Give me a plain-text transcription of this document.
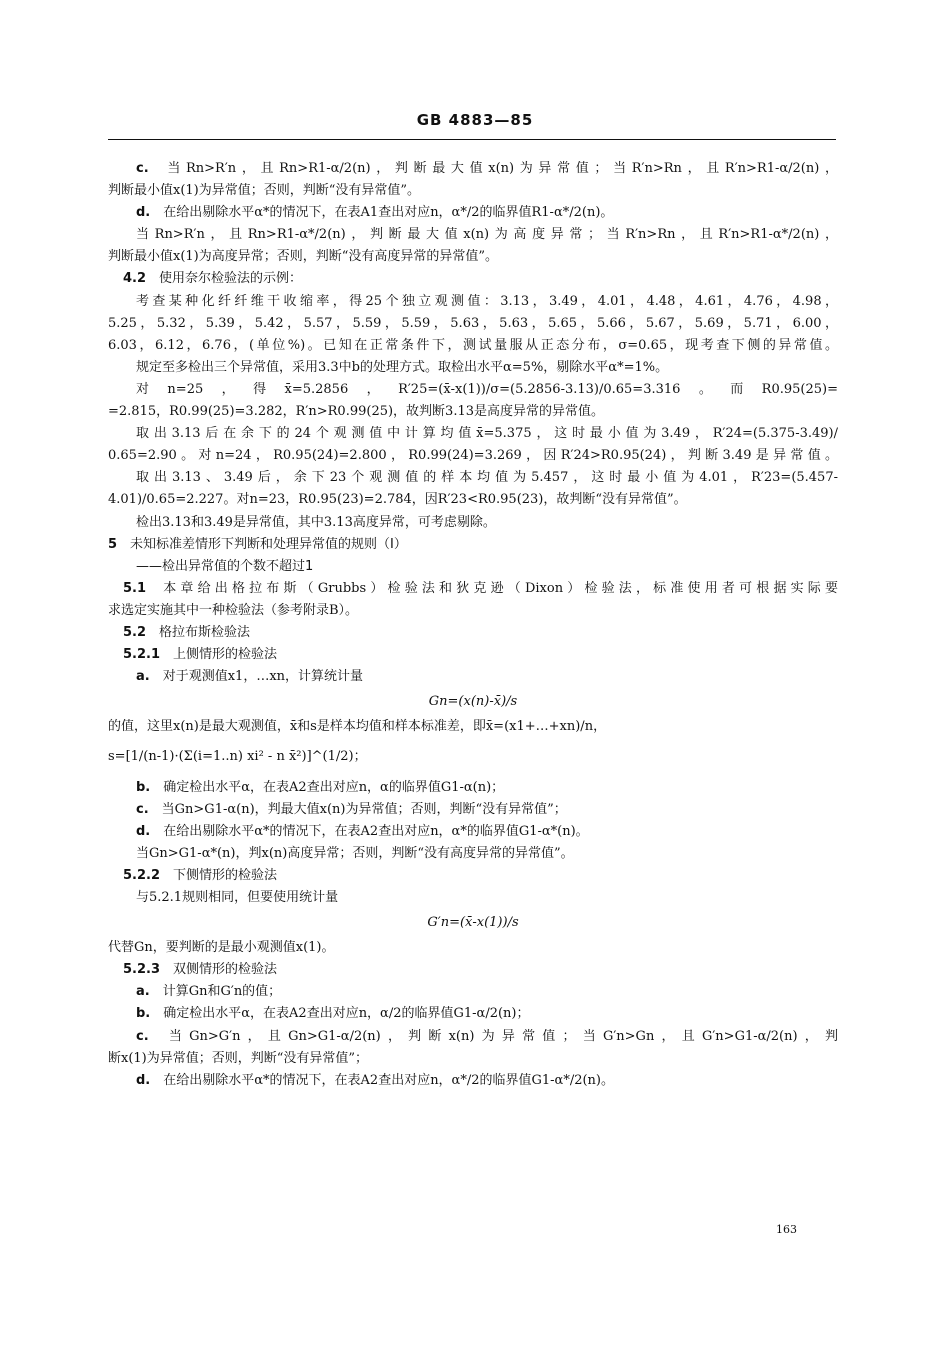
GB 4883—85

c. 当Rn>R′n，且Rn>R1-α/2(n)，判断最大值x(n)为异常值；当R′n>Rn，且R′n>R1-α/2(n)，

判断最小值x(1)为异常值；否则，判断“没有异常值”。

d. 在给出剔除水平α*的情况下，在表A1查出对应n，α*/2的临界值R1-α*/2(n)。

当Rn>R′n，且Rn>R1-α*/2(n)，判断最大值x(n)为高度异常；当R′n>Rn，且R′n>R1-α*/2(n)，

判断最小值x(1)为高度异常；否则，判断“没有高度异常的异常值”。

4.2 使用奈尔检验法的示例：

考查某种化纤纤维干收缩率，得25个独立观测值：3.13，3.49，4.01，4.48，4.61，4.76，4.98，

5.25，5.32，5.39，5.42，5.57，5.59，5.59，5.63，5.63，5.65，5.66，5.67，5.69，5.71，6.00，

6.03，6.12，6.76，(单位%)。已知在正常条件下，测试量服从正态分布，σ=0.65，现考查下侧的异常值。

规定至多检出三个异常值，采用3.3中b的处理方式。取检出水平α=5%，剔除水平α*=1%。

对n=25，得x̄=5.2856，R′25=(x̄-x(1))/σ=(5.2856-3.13)/0.65=3.316。而R0.95(25)=

=2.815，R0.99(25)=3.282，R′n>R0.99(25)，故判断3.13是高度异常的异常值。

取出3.13后在余下的24个观测值中计算均值x̄=5.375，这时最小值为3.49，R′24=(5.375-3.49)/

0.65=2.90。对n=24，R0.95(24)=2.800，R0.99(24)=3.269，因R′24>R0.95(24)，判断3.49是异常值。

取出3.13、3.49后，余下23个观测值的样本均值为5.457，这时最小值为4.01，R′23=(5.457-

4.01)/0.65=2.227。对n=23，R0.95(23)=2.784，因R′23<R0.95(23)，故判断“没有异常值”。

检出3.13和3.49是异常值，其中3.13高度异常，可考虑剔除。

5 未知标准差情形下判断和处理异常值的规则（Ⅰ）

——检出异常值的个数不超过1

5.1 本章给出格拉布斯（Grubbs）检验法和狄克逊（Dixon）检验法，标准使用者可根据实际要

求选定实施其中一种检验法（参考附录B）。

5.2 格拉布斯检验法

5.2.1 上侧情形的检验法

a. 对于观测值x1，…xn，计算统计量

Gn=(x(n)-x̄)/s

的值，这里x(n)是最大观测值，x̄和s是样本均值和样本标准差，即x̄=(x1+…+xn)/n，

s=[1/(n-1)·(Σ(i=1..n) xi² - n x̄²)]^(1/2)；

b. 确定检出水平α，在表A2查出对应n，α的临界值G1-α(n)；

c. 当Gn>G1-α(n)，判最大值x(n)为异常值；否则，判断“没有异常值”；

d. 在给出剔除水平α*的情况下，在表A2查出对应n，α*的临界值G1-α*(n)。

当Gn>G1-α*(n)，判x(n)高度异常；否则，判断“没有高度异常的异常值”。

5.2.2 下侧情形的检验法

与5.2.1规则相同，但要使用统计量

G′n=(x̄-x(1))/s

代替Gn，要判断的是最小观测值x(1)。

5.2.3 双侧情形的检验法

a. 计算Gn和G′n的值；

b. 确定检出水平α，在表A2查出对应n，α/2的临界值G1-α/2(n)；

c. 当Gn>G′n，且Gn>G1-α/2(n)，判断x(n)为异常值；当G′n>Gn，且G′n>G1-α/2(n)，判

断x(1)为异常值；否则，判断“没有异常值”；

d. 在给出剔除水平α*的情况下，在表A2查出对应n，α*/2的临界值G1-α*/2(n)。

163
